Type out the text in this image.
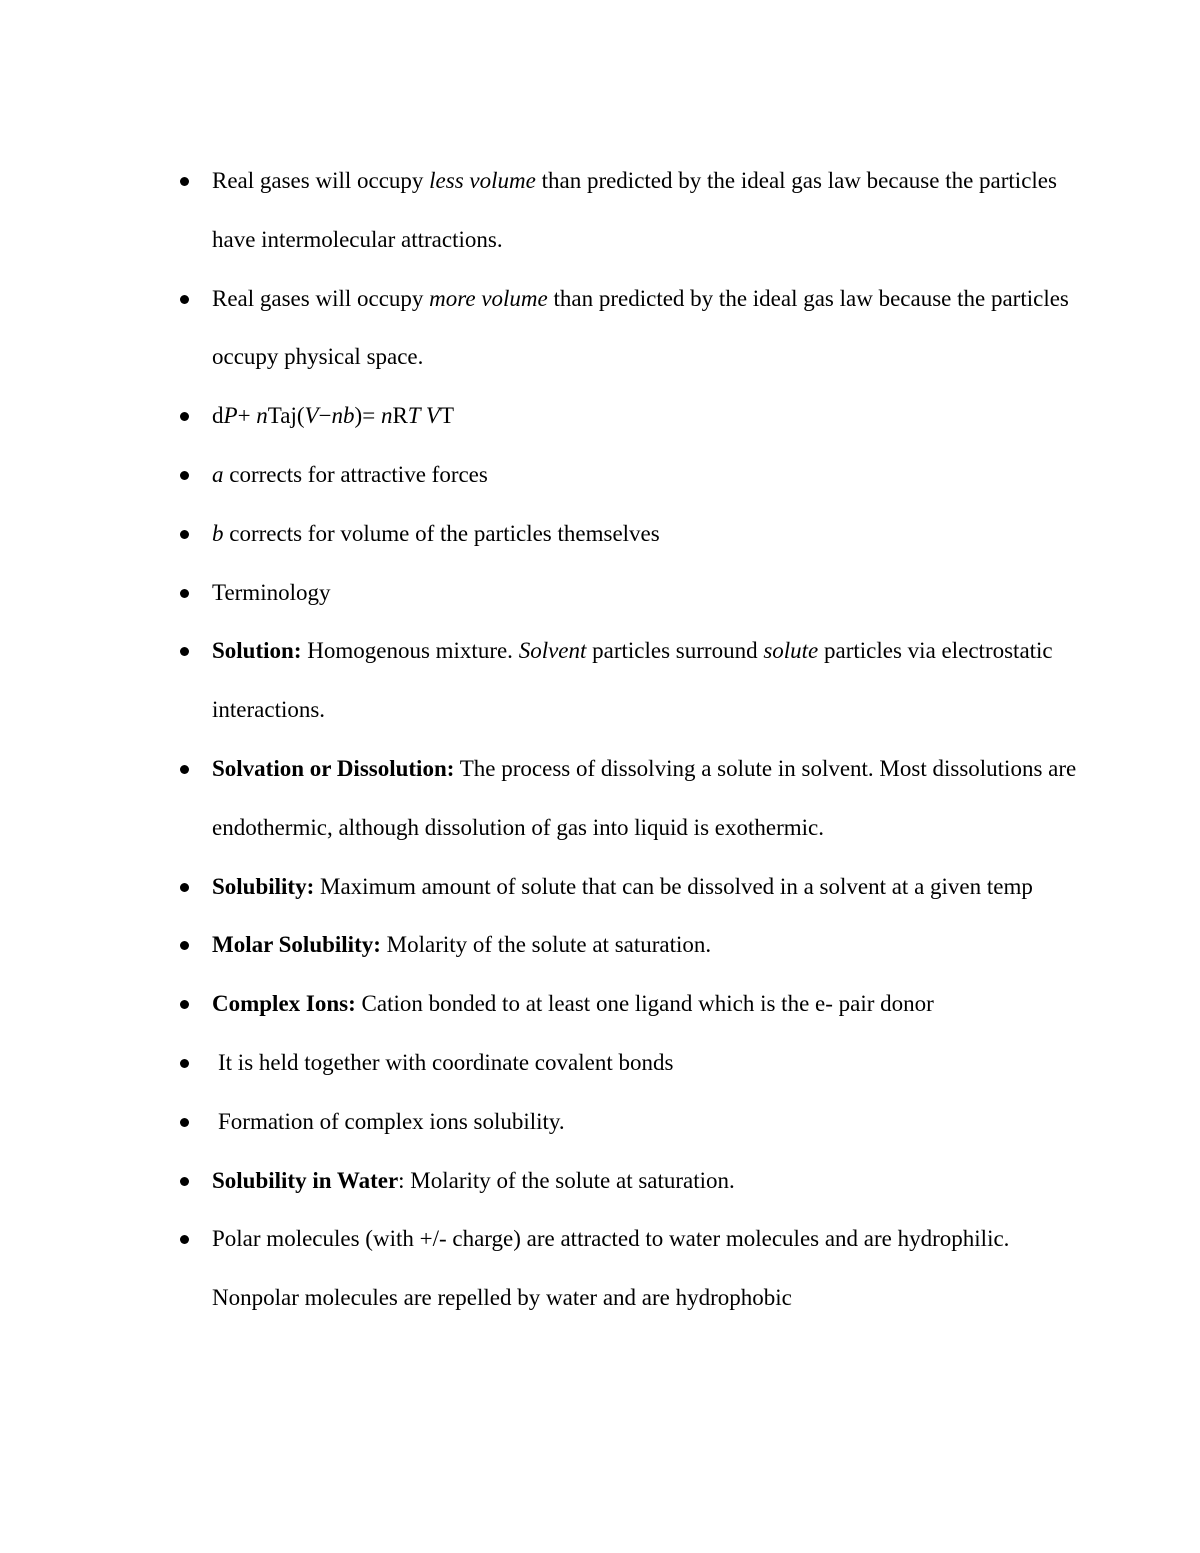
Real gases will occupy less volume than predicted by the ideal gas law because the particles have intermolecular attractions.
Real gases will occupy more volume than predicted by the ideal gas law because the particles occupy physical space.
dP+ nTaj(V−nb)= nRT VT
a corrects for attractive forces
b corrects for volume of the particles themselves
Terminology
Solution: Homogenous mixture. Solvent particles surround solute particles via electrostatic interactions.
Solvation or Dissolution: The process of dissolving a solute in solvent. Most dissolutions are endothermic, although dissolution of gas into liquid is exothermic.
Solubility: Maximum amount of solute that can be dissolved in a solvent at a given temp
Molar Solubility: Molarity of the solute at saturation.
Complex Ions: Cation bonded to at least one ligand which is the e- pair donor
It is held together with coordinate covalent bonds
Formation of complex ions solubility.
Solubility in Water: Molarity of the solute at saturation.
Polar molecules (with +/- charge) are attracted to water molecules and are hydrophilic. Nonpolar molecules are repelled by water and are hydrophobic
